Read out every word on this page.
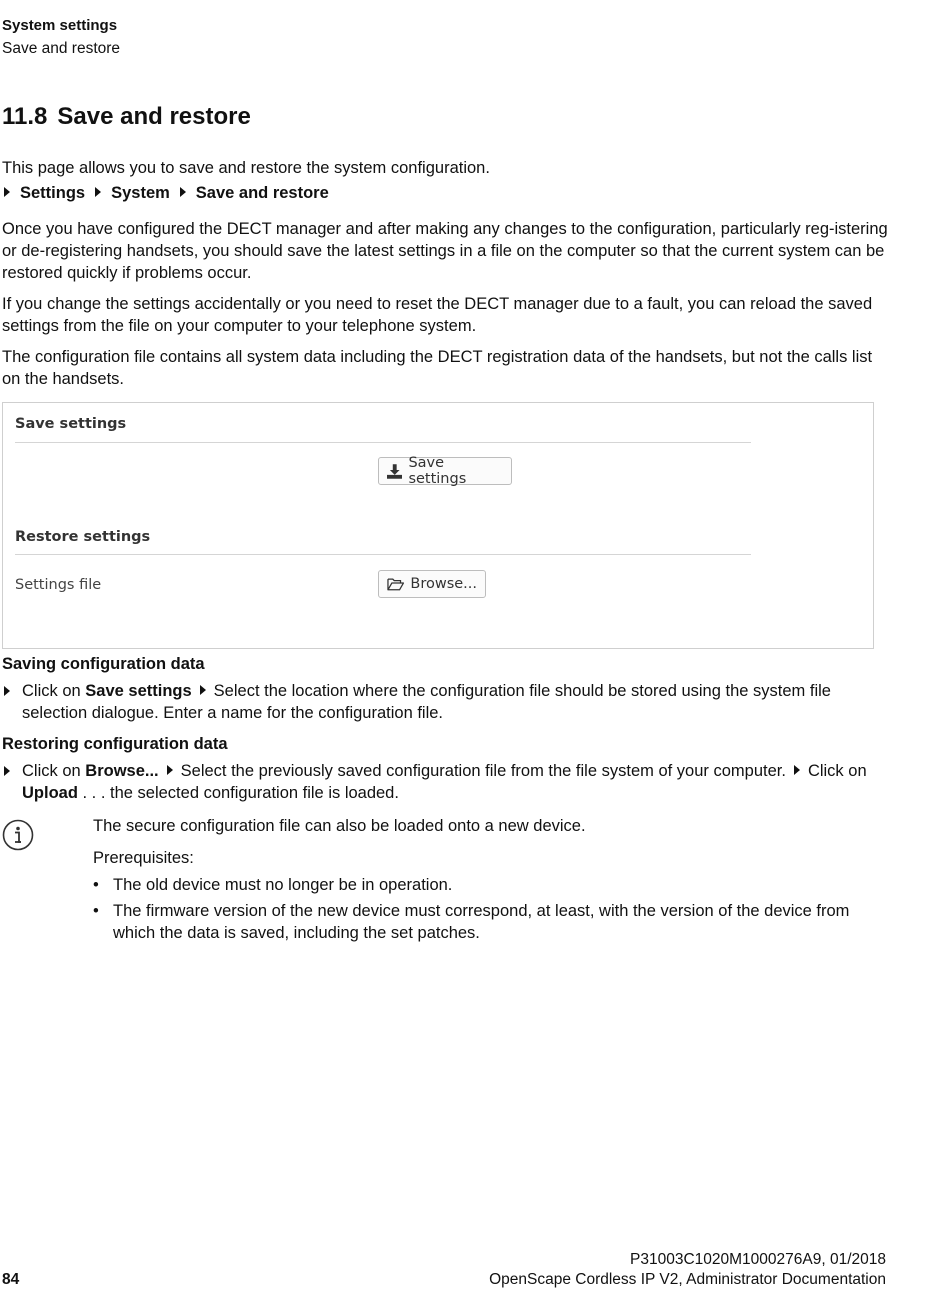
System settings
Save and restore
11.8 Save and restore
This page allows you to save and restore the system configuration.
Settings System Save and restore
Once you have configured the DECT manager and after making any changes to the configuration, particularly reg-istering or de-registering handsets, you should save the latest settings in a file on the computer so that the current system can be restored quickly if problems occur.
If you change the settings accidentally or you need to reset the DECT manager due to a fault, you can reload the saved settings from the file on your computer to your telephone system.
The configuration file contains all system data including the DECT registration data of the handsets, but not the calls list on the handsets.
Save settings
Save settings
Restore settings
Settings file	Browse...
Saving configuration data
Click on Save settings Select the location where the configuration file should be stored using the system file selection dialogue. Enter a name for the configuration file.
Restoring configuration data
Click on Browse... Select the previously saved configuration file from the file system of your computer. Click on Upload . . . the selected configuration file is loaded.
The secure configuration file can also be loaded onto a new device.
Prerequisites:
• The old device must no longer be in operation.
• The firmware version of the new device must correspond, at least, with the version of the device from which the data is saved, including the set patches.
P31003C1020M1000276A9, 01/2018
OpenScape Cordless IP V2, Administrator Documentation
84
